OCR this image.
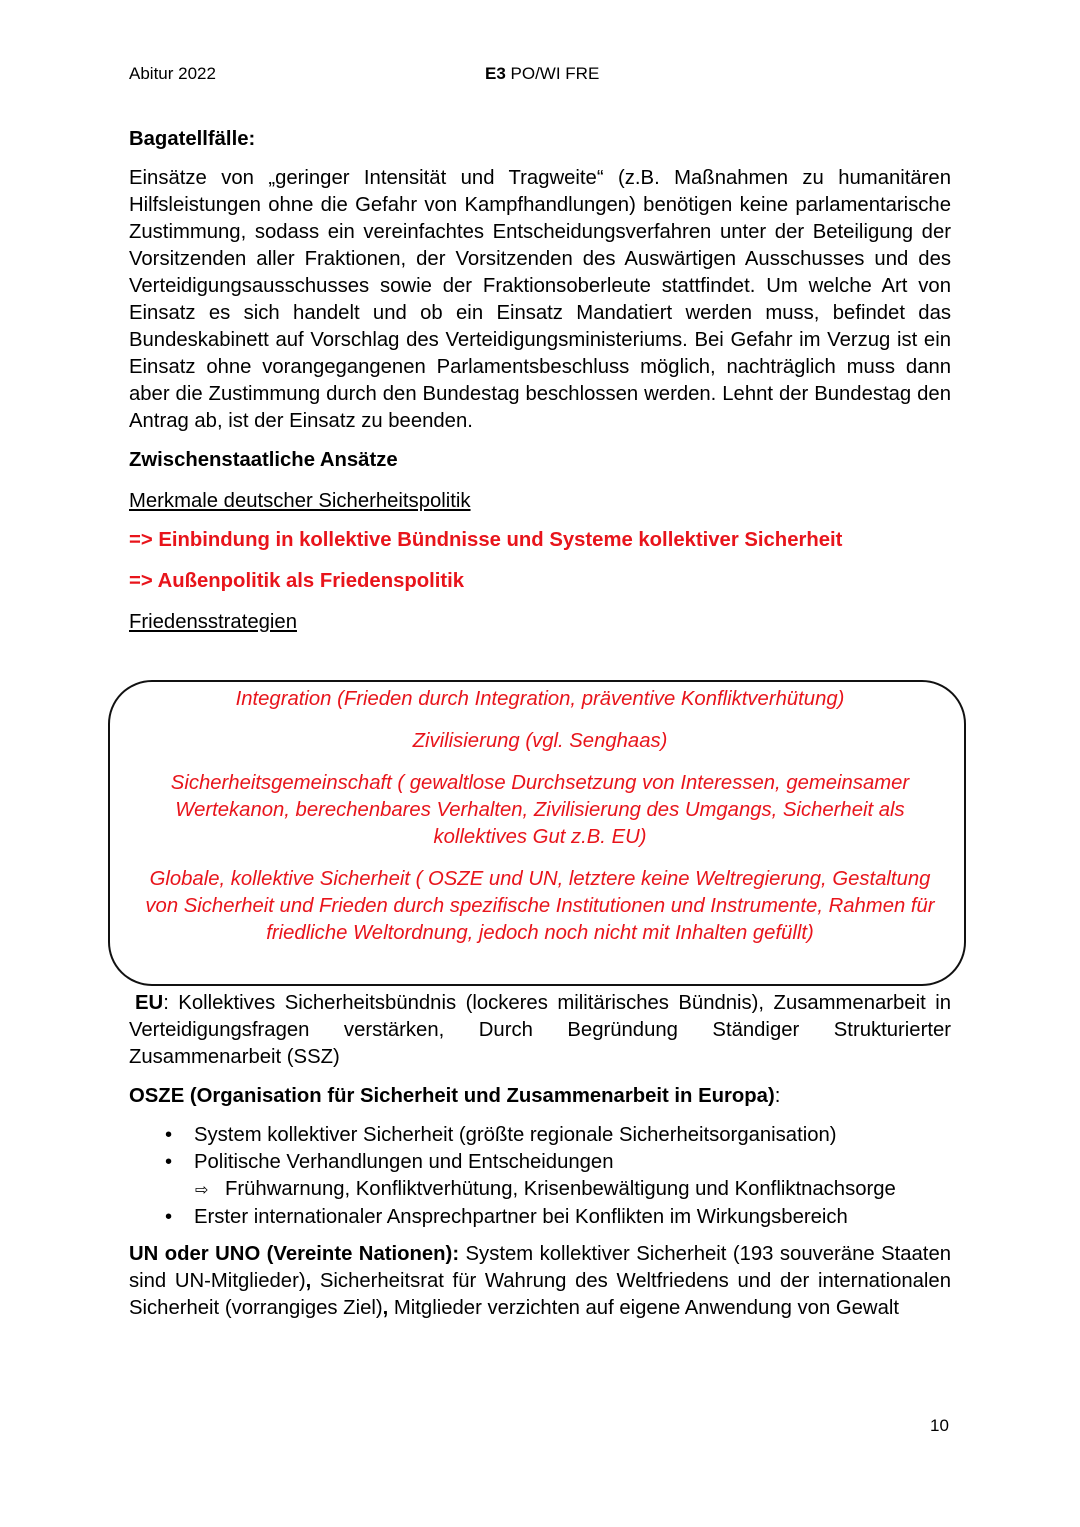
Abitur 2022	E3 PO/WI FRE

Bagatellfälle:

Einsätze von „geringer Intensität und Tragweite“ (z.B. Maßnahmen zu humanitären Hilfsleistungen ohne die Gefahr von Kampfhandlungen) benötigen keine parlamentarische Zustimmung, sodass ein vereinfachtes Entscheidungsverfahren unter der Beteiligung der Vorsitzenden aller Fraktionen, der Vorsitzenden des Auswärtigen Ausschusses und des Verteidigungsausschusses sowie der Fraktionsoberleute stattfindet. Um welche Art von Einsatz es sich handelt und ob ein Einsatz Mandatiert werden muss, befindet das Bundeskabinett auf Vorschlag des Verteidigungsministeriums. Bei Gefahr im Verzug ist ein Einsatz ohne vorangegangenen Parlamentsbeschluss möglich, nachträglich muss dann aber die Zustimmung durch den Bundestag beschlossen werden. Lehnt der Bundestag den Antrag ab, ist der Einsatz zu beenden.

Zwischenstaatliche Ansätze

Merkmale deutscher Sicherheitspolitik

=> Einbindung in kollektive Bündnisse und Systeme kollektiver Sicherheit

=> Außenpolitik als Friedenspolitik

Friedensstrategien

Integration (Frieden durch Integration, präventive Konfliktverhütung)

Zivilisierung (vgl. Senghaas)

Sicherheitsgemeinschaft ( gewaltlose Durchsetzung von Interessen, gemeinsamer Wertekanon, berechenbares Verhalten, Zivilisierung des Umgangs, Sicherheit als kollektives Gut z.B. EU)

Globale, kollektive Sicherheit ( OSZE und UN, letztere keine Weltregierung, Gestaltung von Sicherheit und Frieden durch spezifische Institutionen und Instrumente, Rahmen für friedliche Weltordnung, jedoch noch nicht mit Inhalten gefüllt)

EU: Kollektives Sicherheitsbündnis (lockeres militärisches Bündnis), Zusammenarbeit in Verteidigungsfragen verstärken, Durch Begründung Ständiger Strukturierter Zusammenarbeit (SSZ)

OSZE (Organisation für Sicherheit und Zusammenarbeit in Europa):

• System kollektiver Sicherheit (größte regionale Sicherheitsorganisation)
• Politische Verhandlungen und Entscheidungen
⇨ Frühwarnung, Konfliktverhütung, Krisenbewältigung und Konfliktnachsorge
• Erster internationaler Ansprechpartner bei Konflikten im Wirkungsbereich

UN oder UNO (Vereinte Nationen): System kollektiver Sicherheit (193 souveräne Staaten sind UN-Mitglieder), Sicherheitsrat für Wahrung des Weltfriedens und der internationalen Sicherheit (vorrangiges Ziel), Mitglieder verzichten auf eigene Anwendung von Gewalt

10
